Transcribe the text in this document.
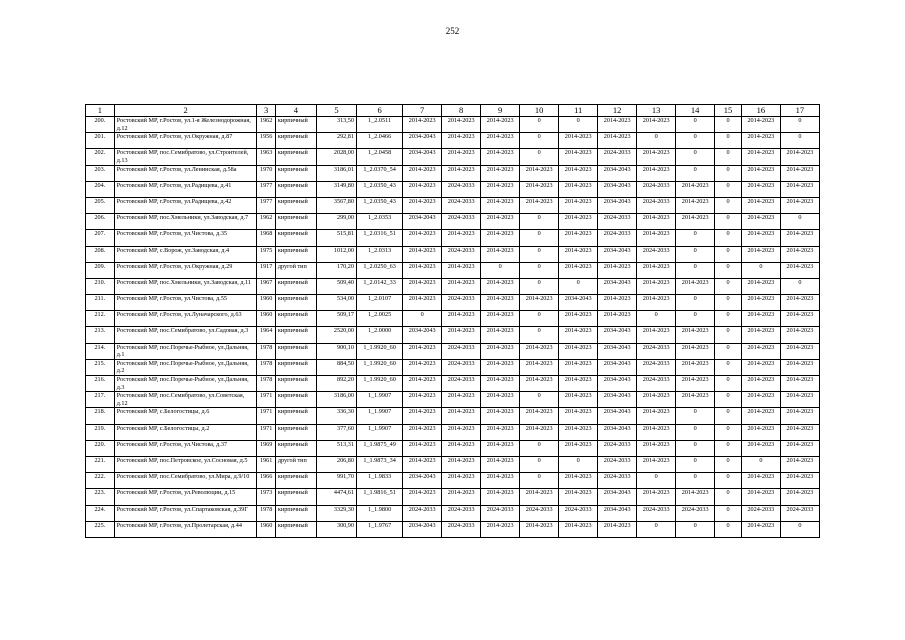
252
1	2	3	4	5	6	7	8	9	10	11	12	13	14	15	16	17
200.	Ростовский МР, г.Ростов, ул.1-я Железнодорожная, д.12	1962	кирпичный	313,50	1_2.0511	2014-2023	2014-2023	2014-2023	0	0	2014-2023	2014-2023	0	0	2014-2023	0
201.	Ростовский МР, г.Ростов, ул.Окружная, д.87	1956	кирпичный	292,81	1_2.0466	2034-2043	2014-2023	2014-2023	0	2014-2023	2014-2023	0	0	0	2014-2023	0
202.	Ростовский МР, пос.Семибратово, ул.Строителей, д.13	1963	кирпичный	2028,00	1_2.0458	2034-2043	2014-2023	2014-2023	0	2014-2023	2024-2033	2014-2023	0	0	2014-2023	2014-2023
203.	Ростовский МР, г.Ростов, ул.Ленинская, д.58а	1970	кирпичный	3186,01	1_2.0370_54	2014-2023	2014-2023	2014-2023	2014-2023	2014-2023	2034-2043	2014-2023	0	0	2014-2023	2014-2023
204.	Ростовский МР, г.Ростов, ул.Радищева, д.41	1977	кирпичный	3149,80	1_2.0350_43	2014-2023	2024-2033	2014-2023	2014-2023	2014-2023	2034-2043	2024-2033	2014-2023	0	2014-2023	2014-2023
205.	Ростовский МР, г.Ростов, ул.Радищева, д.42	1977	кирпичный	3567,80	1_2.0350_43	2014-2023	2024-2033	2014-2023	2014-2023	2014-2023	2034-2043	2024-2033	2014-2023	0	2014-2023	2014-2023
206.	Ростовский МР, пос.Хмельники, ул.Заводская, д.7	1962	кирпичный	299,00	1_2.0353	2034-2043	2024-2033	2014-2023	0	2014-2023	2024-2033	2014-2023	2014-2023	0	2014-2023	0
207.	Ростовский МР, г.Ростов, ул.Чистова, д.35	1968	кирпичный	515,81	1_2.0316_51	2014-2023	2014-2023	2014-2023	0	2014-2023	2024-2033	2014-2023	0	0	2014-2023	2014-2023
208.	Ростовский МР, с.Ворож, ул.Заводская, д.4	1975	кирпичный	1012,00	1_2.0313	2014-2023	2024-2033	2014-2023	0	2014-2023	2034-2043	2024-2033	0	0	2014-2023	2014-2023
209.	Ростовский МР, г.Ростов, ул.Окружная, д.29	1917	другой тип	170,20	1_2.0250_63	2014-2023	2014-2023	0	0	2014-2023	2014-2023	2014-2023	0	0	0	2014-2023
210.	Ростовский МР, пос.Хмельники, ул.Заводская, д.11	1967	кирпичный	509,40	1_2.0142_33	2014-2023	2014-2023	2014-2023	0	0	2034-2043	2014-2023	2014-2023	0	2014-2023	0
211.	Ростовский МР, г.Ростов, ул.Чистова, д.55	1960	кирпичный	534,00	1_2.0107	2014-2023	2024-2033	2014-2023	2014-2023	2034-2043	2014-2023	2014-2023	0	0	2014-2023	2014-2023
212.	Ростовский МР, г.Ростов, ул.Луначарского, д.63	1960	кирпичный	509,17	1_2.0025	0	2014-2023	2014-2023	0	2014-2023	2014-2023	0	0	0	2014-2023	2014-2023
213.	Ростовский МР, пос.Семибратово, ул.Садовая, д.3	1964	кирпичный	2520,00	1_2.0000	2034-2043	2014-2023	2014-2023	0	2014-2023	2034-2043	2014-2023	2014-2023	0	2014-2023	2014-2023
214.	Ростовский МР, пос.Поречье-Рыбное, ул.Дальняя, д.1	1978	кирпичный	900,10	1_1.9920_60	2014-2023	2024-2033	2014-2023	2014-2023	2014-2023	2034-2043	2024-2033	2014-2023	0	2014-2023	2014-2023
215.	Ростовский МР, пос.Поречье-Рыбное, ул.Дальняя, д.2	1978	кирпичный	884,50	1_1.9920_60	2014-2023	2024-2033	2014-2023	2014-2023	2014-2023	2034-2043	2024-2033	2014-2023	0	2014-2023	2014-2023
216.	Ростовский МР, пос.Поречье-Рыбное, ул.Дальняя, д.3	1978	кирпичный	892,20	1_1.9920_60	2014-2023	2024-2033	2014-2023	2014-2023	2014-2023	2034-2043	2024-2033	2014-2023	0	2014-2023	2014-2023
217.	Ростовский МР, пос.Семибратово, ул.Советская, д.12	1971	кирпичный	3186,00	1_1.9907	2014-2023	2014-2023	2014-2023	0	2014-2023	2034-2043	2014-2023	2014-2023	0	2014-2023	2014-2023
218.	Ростовский МР, с.Белогостицы, д.6	1971	кирпичный	336,30	1_1.9907	2014-2023	2014-2023	2014-2023	2014-2023	2014-2023	2034-2043	2014-2023	0	0	2014-2023	2014-2023
219.	Ростовский МР, с.Белогостицы, д.2	1971	кирпичный	377,60	1_1.9907	2014-2023	2014-2023	2014-2023	2014-2023	2014-2023	2034-2043	2014-2023	0	0	2014-2023	2014-2023
220.	Ростовский МР, г.Ростов, ул.Чистова, д.37	1969	кирпичный	513,31	1_1.9875_49	2014-2023	2014-2023	2014-2023	0	2014-2023	2024-2033	2014-2023	0	0	2014-2023	2014-2023
221.	Ростовский МР, пос.Петровское, ул.Сосновая, д.5	1961	другой тип	206,80	1_1.9873_34	2014-2023	2014-2023	2014-2023	0	0	2024-2033	2014-2023	0	0	0	2014-2023
222.	Ростовский МР, пос.Семибратово, ул.Мира, д.9/10	1966	кирпичный	991,70	1_1.9833	2034-2043	2014-2023	2014-2023	0	2014-2023	2024-2033	0	0	0	2014-2023	2014-2023
223.	Ростовский МР, г.Ростов, ул.Революции, д.15	1973	кирпичный	4474,61	1_1.9816_51	2014-2023	2014-2023	2014-2023	2014-2023	2014-2023	2034-2043	2014-2023	2014-2023	0	2014-2023	2014-2023
224.	Ростовский МР, г.Ростов, ул.Спартаковская, д.39Г	1978	кирпичный	3329,30	1_1.9800	2024-2033	2024-2033	2024-2033	2024-2033	2024-2033	2034-2043	2024-2033	2024-2033	0	2024-2033	2024-2033
225.	Ростовский МР, г.Ростов, ул.Пролетарская, д.44	1960	кирпичный	300,90	1_1.9767	2034-2043	2024-2033	2014-2023	2014-2023	2014-2023	2014-2023	0	0	0	2014-2023	0
